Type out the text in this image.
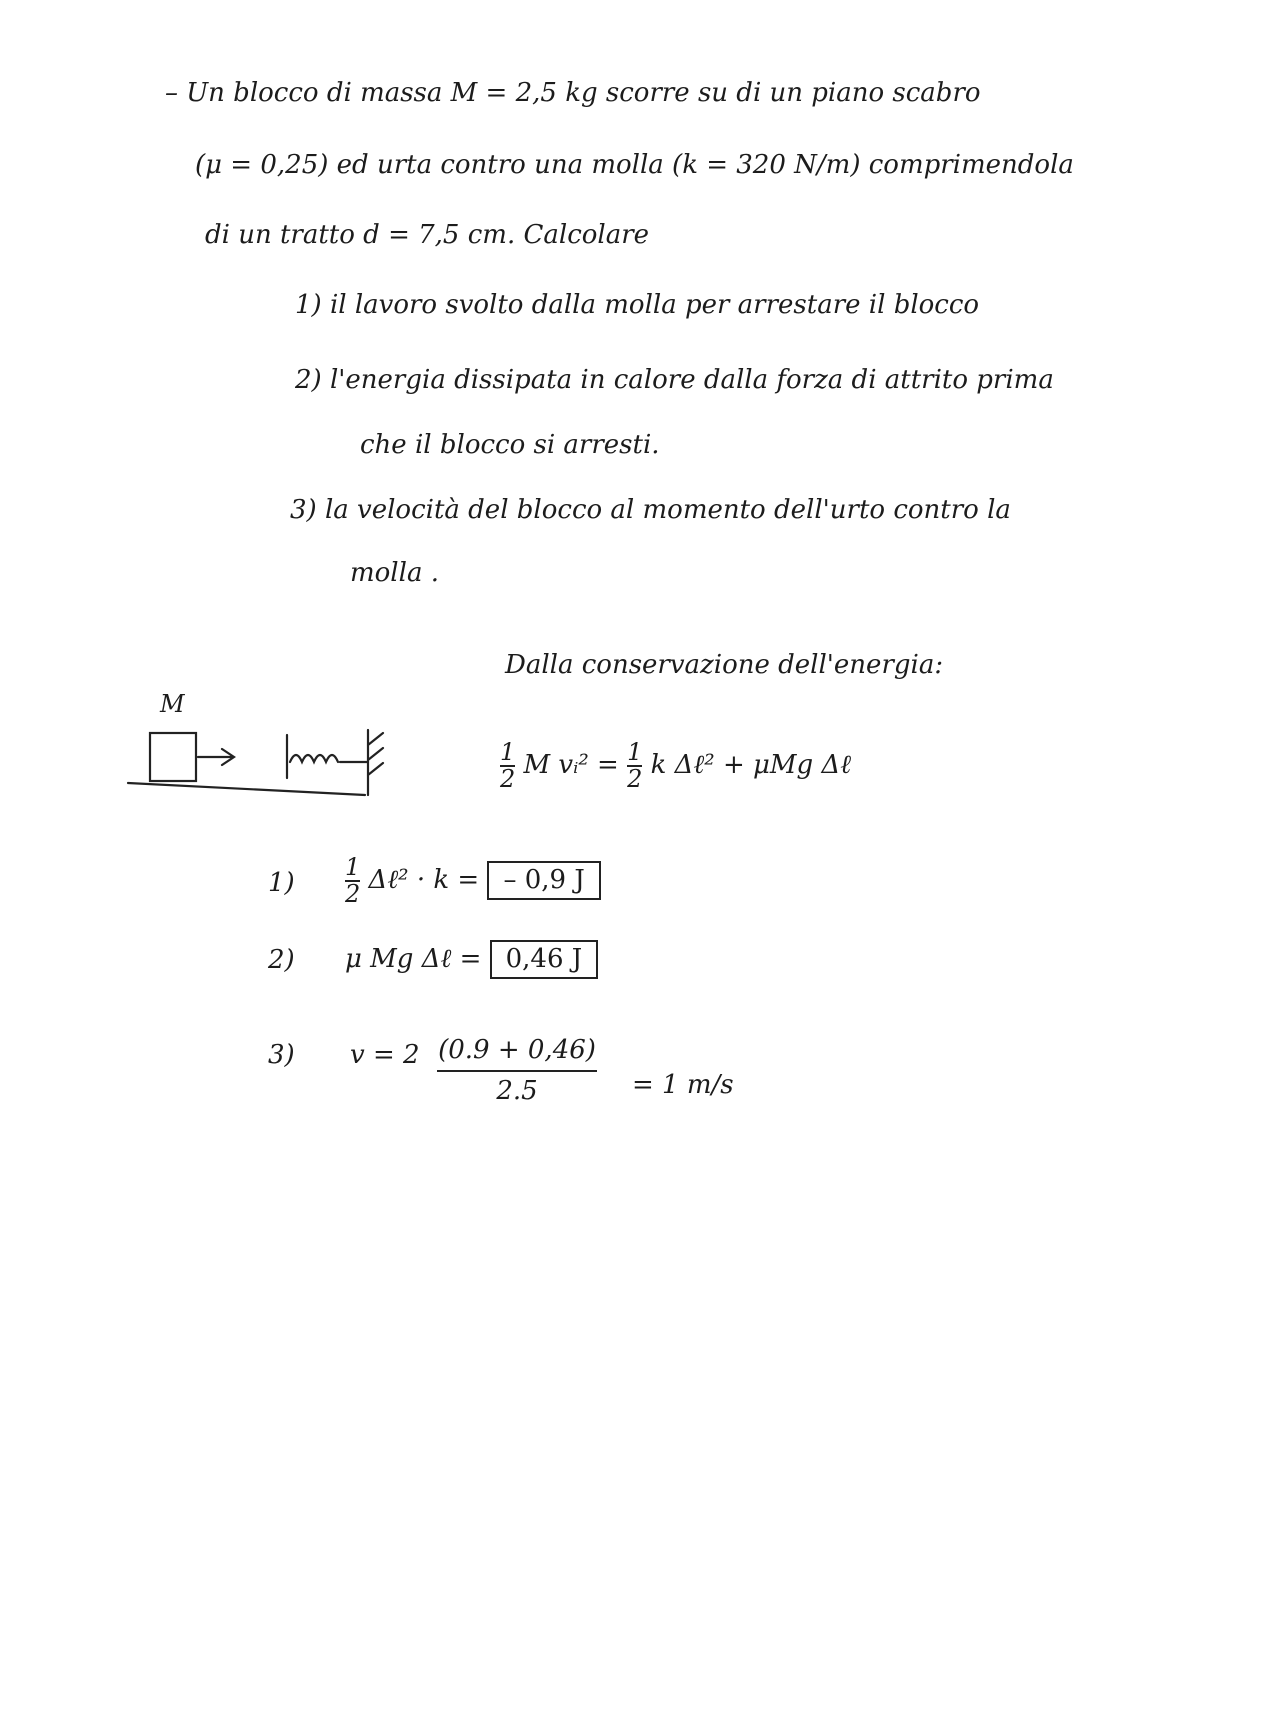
– Un blocco di massa M = 2,5 kg scorre su di un piano scabro
(μ = 0,25) ed urta contro una molla (k = 320 N/m) comprimendola
di un tratto d = 7,5 cm. Calcolare
1) il lavoro svolto dalla molla per arrestare il blocco
2) l'energia dissipata in calore dalla forza di attrito prima
che il blocco si arresti.
3) la velocità del blocco al momento dell'urto contro la
molla .
M
Dalla conservazione dell'energia:
$\frac{1}{2}$ M vᵢ² = $\frac{1}{2}$ k Δℓ² + μMg Δℓ
$1) \frac{1}{2}$ Δℓ² · k = – 0,9 J
2) μ Mg Δℓ = 0,46 J
3) v = 2 (0.9 + 0,46)
2.5	= 1 m/s
